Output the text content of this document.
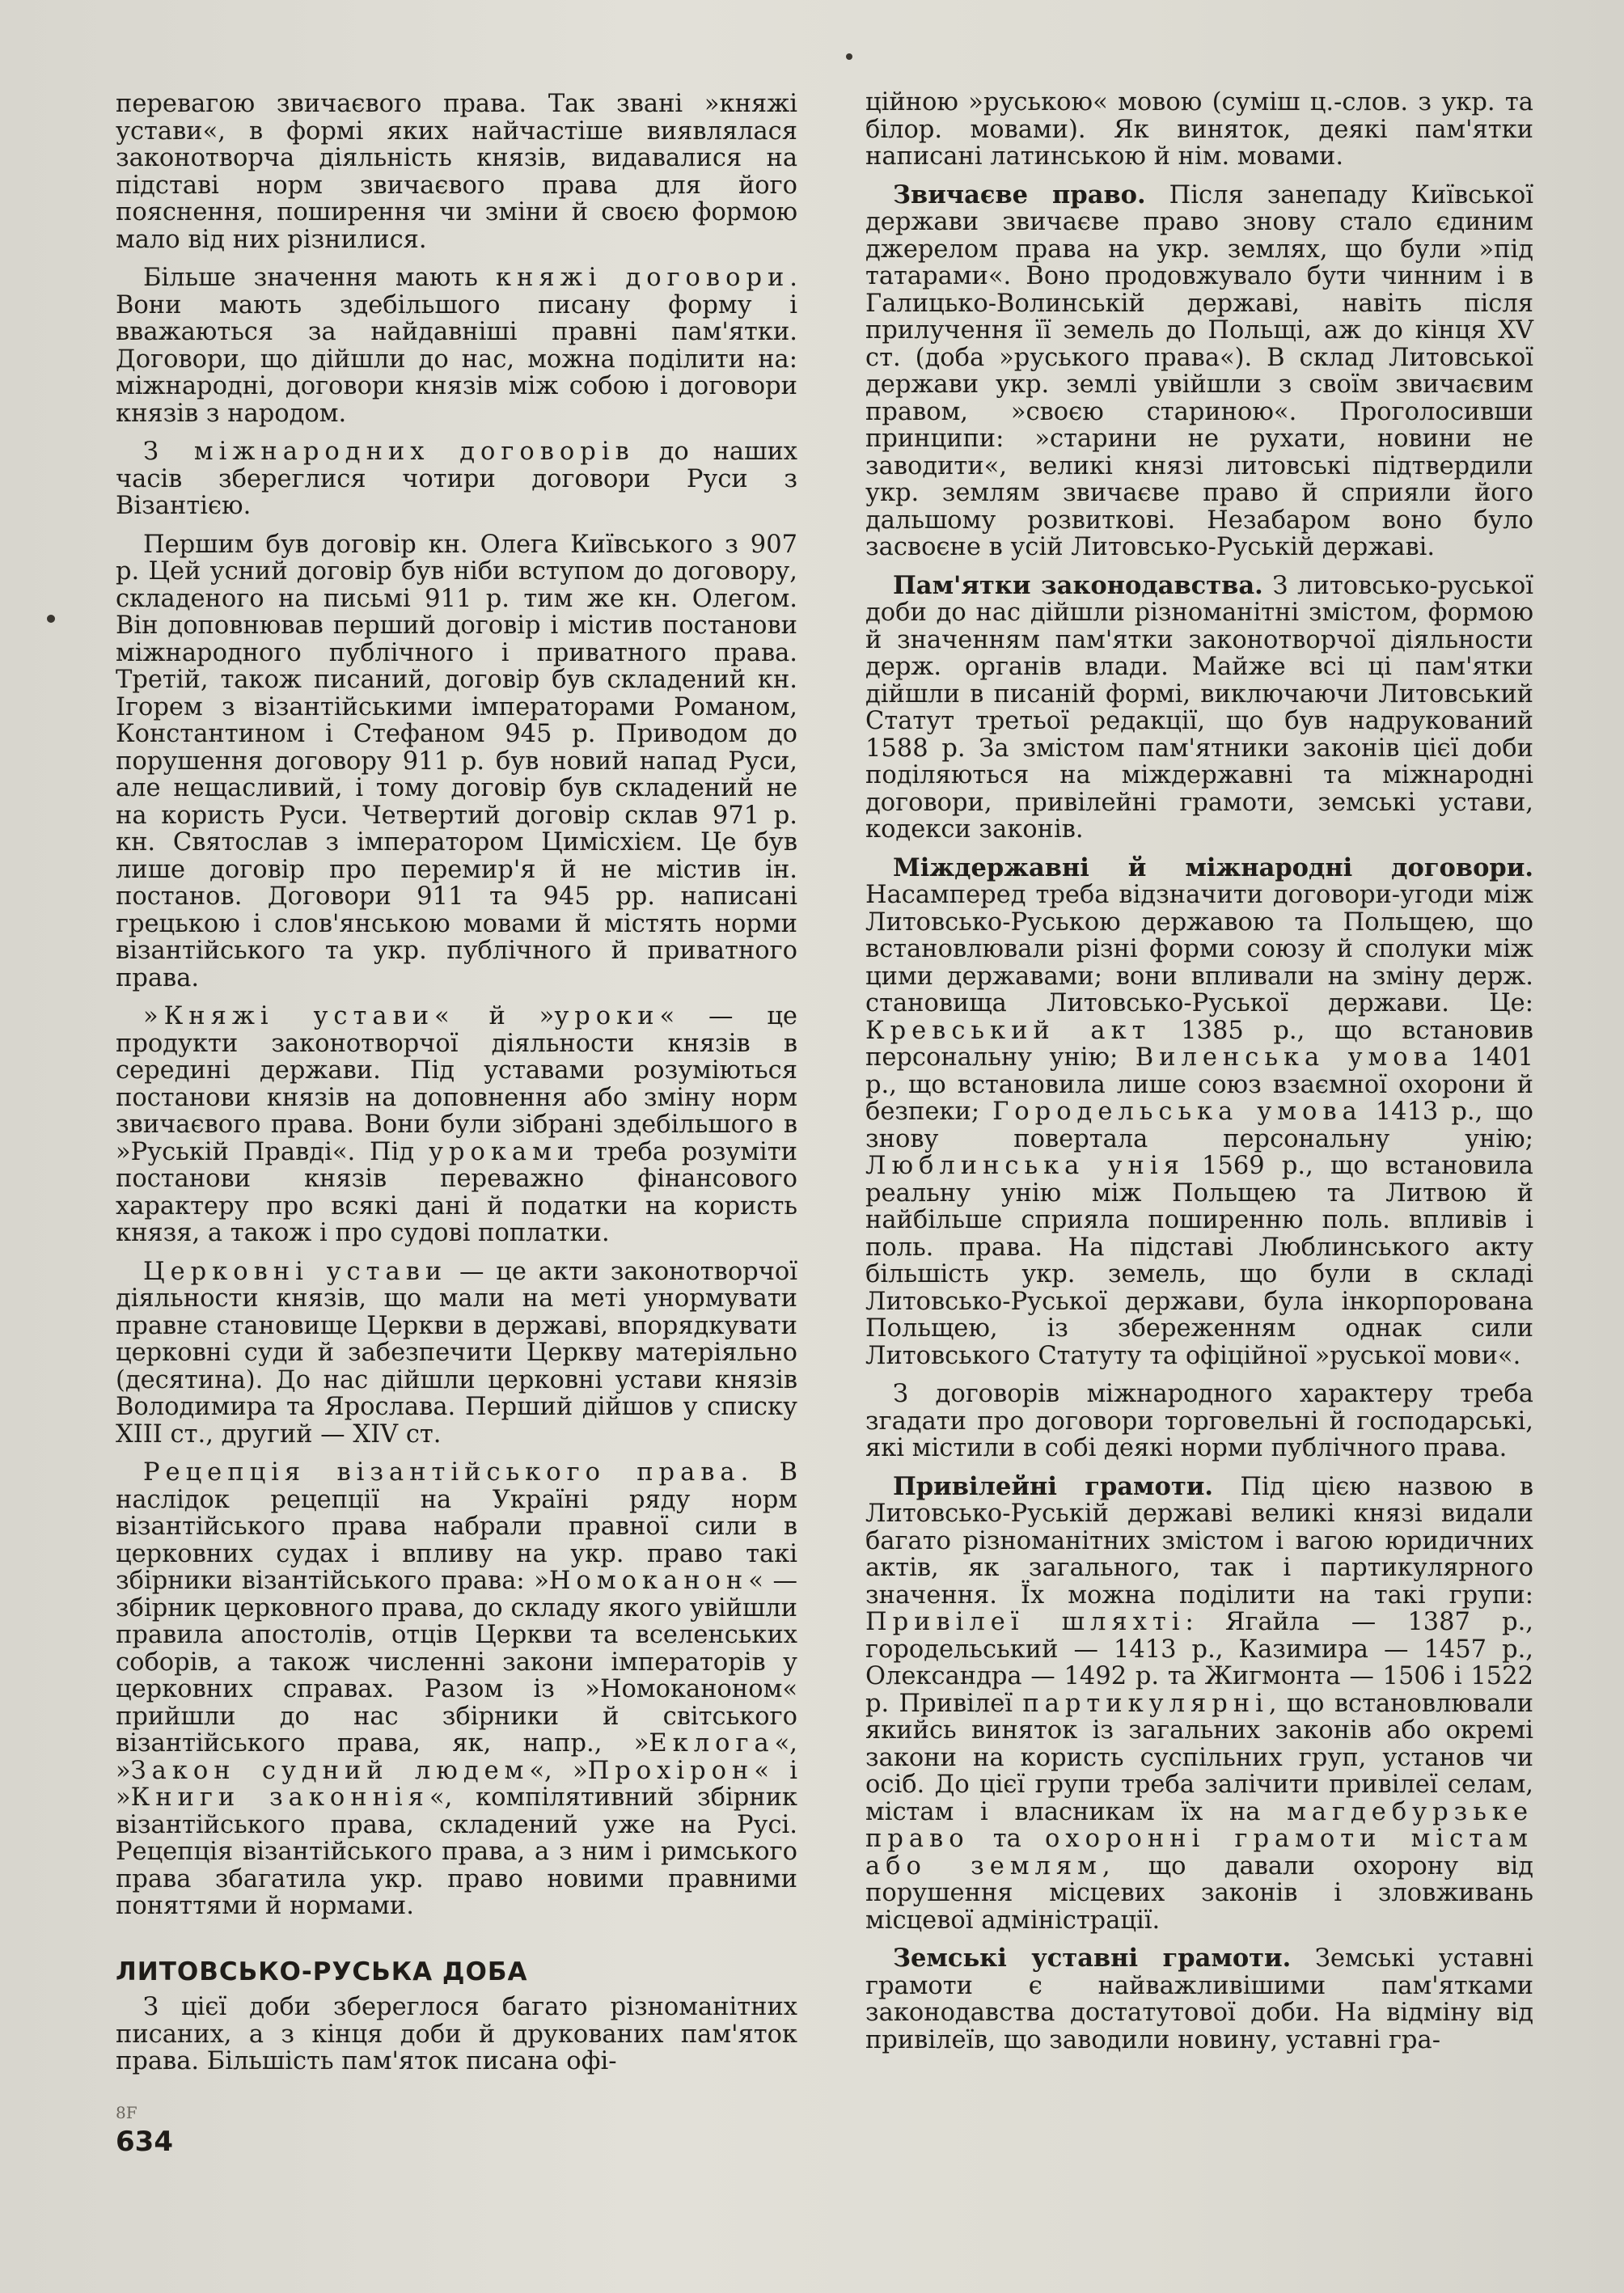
перевагою звичаєвого права. Так звані »княжі устави«, в формі яких найчастіше виявлялася законотворча діяльність князів, видавалися на підставі норм звичаєвого права для його пояснення, поширення чи зміни й своєю формою мало від них різнилися.

Більше значення мають княжі договори. Вони мають здебільшого писану форму і вважаються за найдавніші правні пам'ятки. Договори, що дійшли до нас, можна поділити на: міжнародні, договори князів між собою і договори князів з народом.

З міжнародних договорів до наших часів збереглися чотири договори Руси з Візантією.

Першим був договір кн. Олега Київського з 907 р. Цей усний договір був ніби вступом до договору, складеного на письмі 911 р. тим же кн. Олегом. Він доповнював перший договір і містив постанови міжнародного публічного і приватного права. Третій, також писаний, договір був складений кн. Ігорем з візантійськими імператорами Романом, Константином і Стефаном 945 р. Приводом до порушення договору 911 р. був новий напад Руси, але нещасливий, і тому договір був складений не на користь Руси. Четвертий договір склав 971 р. кн. Святослав з імператором Цимісхієм. Це був лише договір про перемир'я й не містив ін. постанов. Договори 911 та 945 рр. написані грецькою і слов'янською мовами й містять норми візантійського та укр. публічного й приватного права.

»Княжі устави« й »уроки« — це продукти законотворчої діяльности князів в середині держави. Під уставами розуміються постанови князів на доповнення або зміну норм звичаєвого права. Вони були зібрані здебільшого в »Руській Правді«. Під уроками треба розуміти постанови князів переважно фінансового характеру про всякі дані й податки на користь князя, а також і про судові поплатки.

Церковні устави — це акти законотворчої діяльности князів, що мали на меті унормувати правне становище Церкви в державі, впорядкувати церковні суди й забезпечити Церкву матеріяльно (десятина). До нас дійшли церковні устави князів Володимира та Ярослава. Перший дійшов у списку XIII ст., другий — XIV ст.

Рецепція візантійського права. В наслідок рецепції на Україні ряду норм візантійського права набрали правної сили в церковних судах і впливу на укр. право такі збірники візантійського права: »Номоканон« — збірник церковного права, до складу якого увійшли правила апостолів, отців Церкви та вселенських соборів, а також численні закони імператорів у церковних справах. Разом із »Номоканоном« прийшли до нас збірники й світського візантійського права, як, напр., »Еклога«, »Закон судний людем«, »Прохірон« і »Книги законнія«, компілятивний збірник візантійського права, складений уже на Русі. Рецепція візантійського права, а з ним і римського права збагатила укр. право новими правними поняттями й нормами.

ЛИТОВСЬКО-РУСЬКА ДОБА

З цієї доби збереглося багато різноманітних писаних, а з кінця доби й друкованих пам'яток права. Більшість пам'яток писана офі-

ційною »руською« мовою (суміш ц.-слов. з укр. та білор. мовами). Як виняток, деякі пам'ятки написані латинською й нім. мовами.

Звичаєве право. Після занепаду Київської держави звичаєве право знову стало єдиним джерелом права на укр. землях, що були »під татарами«. Воно продовжувало бути чинним і в Галицько-Волинській державі, навіть після прилучення її земель до Польщі, аж до кінця XV ст. (доба »руського права«). В склад Литовської держави укр. землі увійшли з своїм звичаєвим правом, »своєю стариною«. Проголосивши принципи: »старини не рухати, новини не заводити«, великі князі литовські підтвердили укр. землям звичаєве право й сприяли його дальшому розвиткові. Незабаром воно було засвоєне в усій Литовсько-Руській державі.

Пам'ятки законодавства. З литовсько-руської доби до нас дійшли різноманітні змістом, формою й значенням пам'ятки законотворчої діяльности держ. органів влади. Майже всі ці пам'ятки дійшли в писаній формі, виключаючи Литовський Статут третьої редакції, що був надрукований 1588 р. За змістом пам'ятники законів цієї доби поділяються на міждержавні та міжнародні договори, привілейні грамоти, земські устави, кодекси законів.

Міждержавні й міжнародні договори. Насамперед треба відзначити договори-угоди між Литовсько-Руською державою та Польщею, що встановлювали різні форми союзу й сполуки між цими державами; вони впливали на зміну держ. становища Литовсько-Руської держави. Це: Кревський акт 1385 р., що встановив персональну унію; Виленська умова 1401 р., що встановила лише союз взаємної охорони й безпеки; Городельська умова 1413 р., що знову повертала персональну унію; Люблинська унія 1569 р., що встановила реальну унію між Польщею та Литвою й найбільше сприяла поширенню поль. впливів і поль. права. На підставі Люблинського акту більшість укр. земель, що були в складі Литовсько-Руської держави, була інкорпорована Польщею, із збереженням однак сили Литовського Статуту та офіційної »руської мови«.

З договорів міжнародного характеру треба згадати про договори торговельні й господарські, які містили в собі деякі норми публічного права.

Привілейні грамоти. Під цією назвою в Литовсько-Руській державі великі князі видали багато різноманітних змістом і вагою юридичних актів, як загального, так і партикулярного значення. Їх можна поділити на такі групи: Привілеї шляхті: Ягайла — 1387 р., городельський — 1413 р., Казимира — 1457 р., Олександра — 1492 р. та Жигмонта — 1506 і 1522 р. Привілеї партикулярні, що встановлювали якийсь виняток із загальних законів або окремі закони на користь суспільних груп, установ чи осіб. До цієї групи треба залічити привілеї селам, містам і власникам їх на магдебурзьке право та охоронні грамоти містам або землям, що давали охорону від порушення місцевих законів і зловживань місцевої адміністрації.

Земські уставні грамоти. Земські уставні грамоти є найважливішими пам'ятками законодавства достатутової доби. На відміну від привілеїв, що заводили новину, уставні гра-

8F
634
